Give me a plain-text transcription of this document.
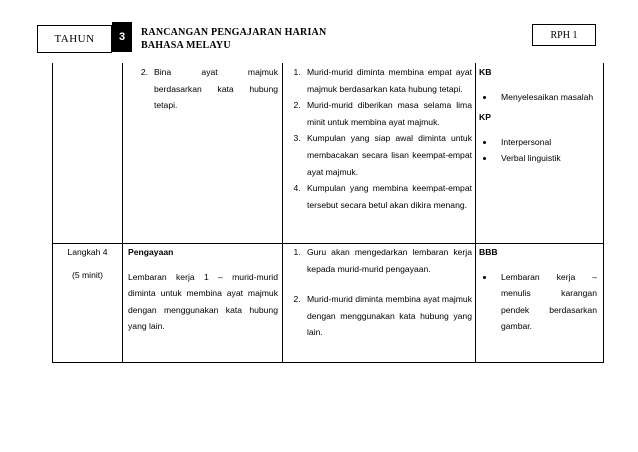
TAHUN 3 RANCANGAN PENGAJARAN HARIAN
BAHASA MELAYU
RPH 1
2. Bina ayat majmuk berdasarkan kata hubung tetapi.
1. Murid-murid diminta membina empat ayat majmuk berdasarkan kata hubung tetapi.
2. Murid-murid diberikan masa selama lima minit untuk membina ayat majmuk.
3. Kumpulan yang siap awal diminta untuk membacakan secara lisan keempat-empat ayat majmuk.
4. Kumpulan yang membina keempat-empat tersebut secara betul akan dikira menang.
KB
• Menyelesaikan masalah
KP
• Interpersonal
• Verbal linguistik
Langkah 4
(5 minit)
Pengayaan
Lembaran kerja 1 – murid-murid diminta untuk membina ayat majmuk dengan menggunakan kata hubung yang lain.
1. Guru akan mengedarkan lembaran kerja kepada murid-murid pengayaan.
2. Murid-murid diminta membina ayat majmuk dengan menggunakan kata hubung yang lain.
BBB
• Lembaran kerja – menulis karangan pendek berdasarkan gambar.
